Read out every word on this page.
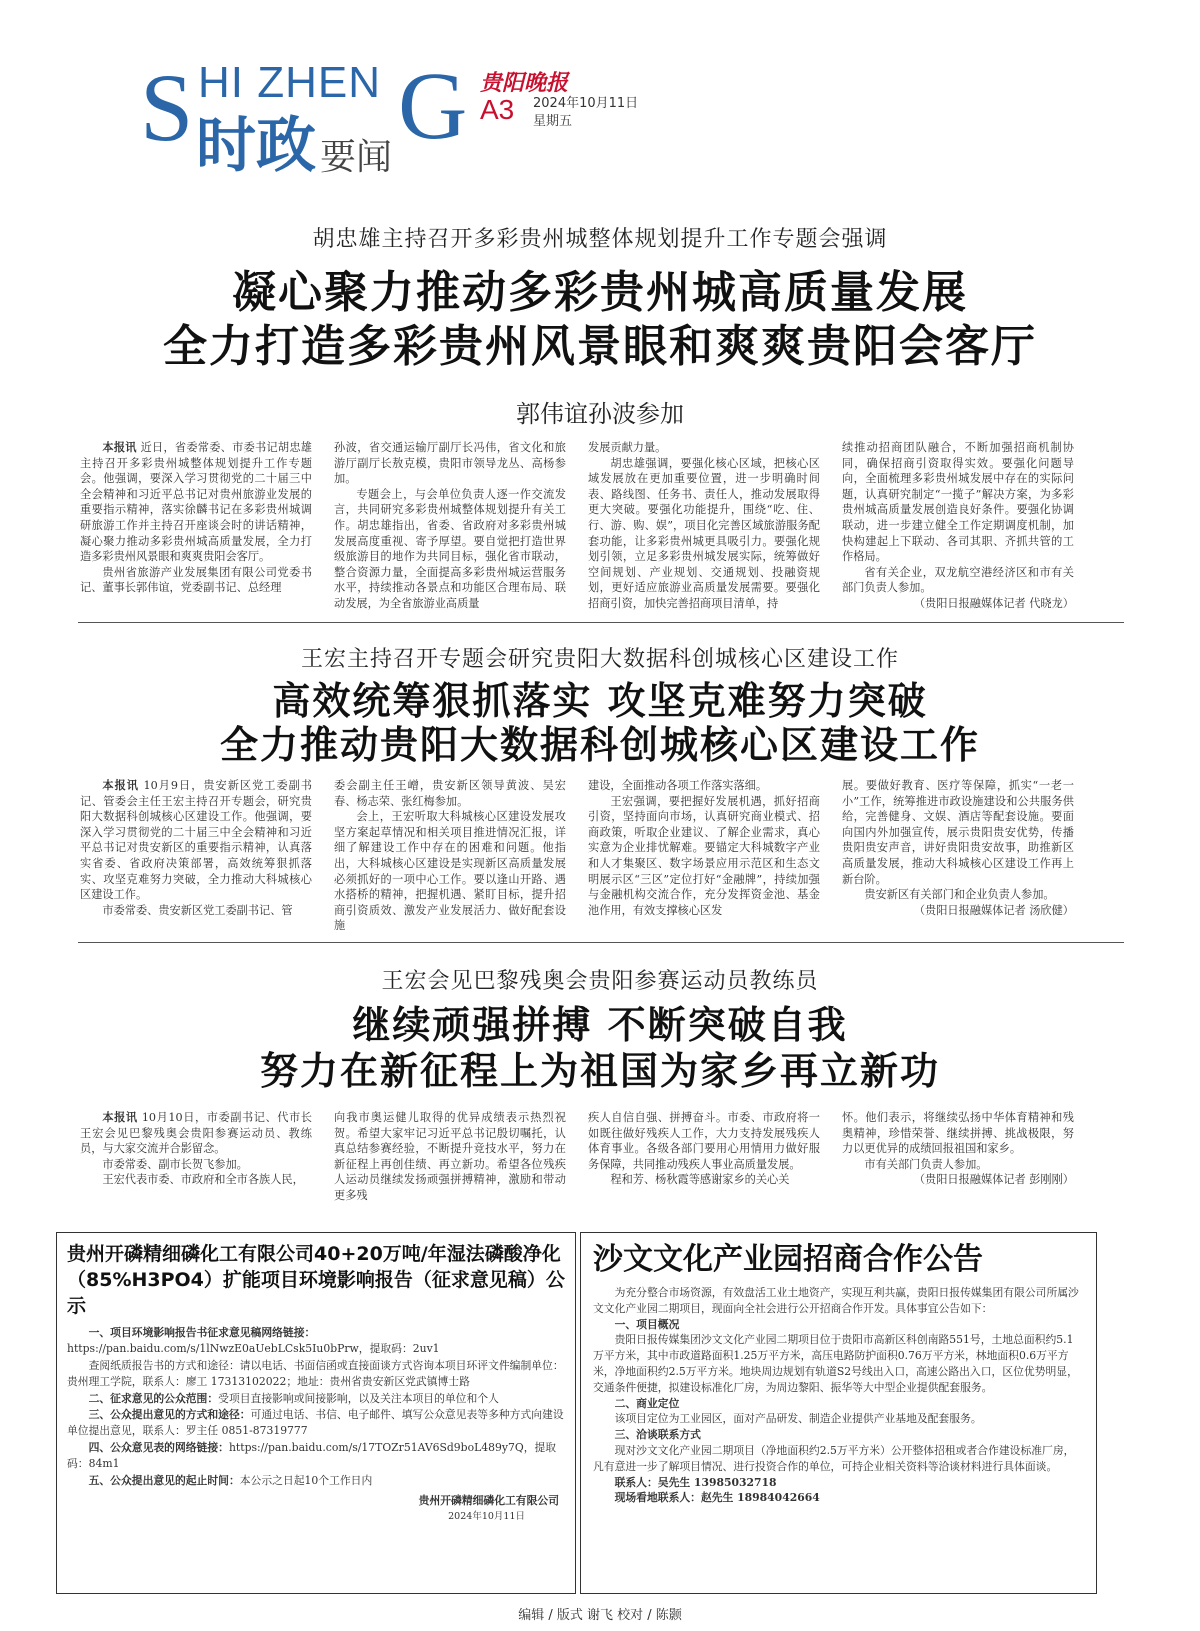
S HI ZHEN G
时政 要闻
贵阳晚报
A3 2024年10月11日
星期五
胡忠雄主持召开多彩贵州城整体规划提升工作专题会强调
凝心聚力推动多彩贵州城高质量发展
全力打造多彩贵州风景眼和爽爽贵阳会客厅
郭伟谊孙波参加

本报讯 近日，省委常委、市委书记胡忠雄主持召开多彩贵州城整体规划提升工作专题会。他强调，要深入学习贯彻党的二十届三中全会精神和习近平总书记对贵州旅游业发展的重要指示精神，落实徐麟书记在多彩贵州城调研旅游工作并主持召开座谈会时的讲话精神，凝心聚力推动多彩贵州城高质量发展，全力打造多彩贵州风景眼和爽爽贵阳会客厅。

贵州省旅游产业发展集团有限公司党委书记、董事长郭伟谊，党委副书记、总经理

孙波，省交通运输厅副厅长冯伟，省文化和旅游厅副厅长敖克模，贵阳市领导龙丛、高杨参加。

专题会上，与会单位负责人逐一作交流发言，共同研究多彩贵州城整体规划提升有关工作。胡忠雄指出，省委、省政府对多彩贵州城发展高度重视、寄予厚望。要自觉把打造世界级旅游目的地作为共同目标，强化省市联动，整合资源力量，全面提高多彩贵州城运营服务水平，持续推动各景点和功能区合理布局、联动发展，为全省旅游业高质量

发展贡献力量。

胡忠雄强调，要强化核心区域，把核心区域发展放在更加重要位置，进一步明确时间表、路线图、任务书、责任人，推动发展取得更大突破。要强化功能提升，围绕“吃、住、行、游、购、娱”，项目化完善区域旅游服务配套功能，让多彩贵州城更具吸引力。要强化规划引领，立足多彩贵州城发展实际，统筹做好空间规划、产业规划、交通规划、投融资规划，更好适应旅游业高质量发展需要。要强化招商引资，加快完善招商项目清单，持

续推动招商团队融合，不断加强招商机制协同，确保招商引资取得实效。要强化问题导向，全面梳理多彩贵州城发展中存在的实际问题，认真研究制定“一揽子”解决方案，为多彩贵州城高质量发展创造良好条件。要强化协调联动，进一步建立健全工作定期调度机制，加快构建起上下联动、各司其职、齐抓共管的工作格局。

省有关企业，双龙航空港经济区和市有关部门负责人参加。

（贵阳日报融媒体记者 代晓龙）

王宏主持召开专题会研究贵阳大数据科创城核心区建设工作
高效统筹狠抓落实 攻坚克难努力突破
全力推动贵阳大数据科创城核心区建设工作

本报讯 10月9日，贵安新区党工委副书记、管委会主任王宏主持召开专题会，研究贵阳大数据科创城核心区建设工作。他强调，要深入学习贯彻党的二十届三中全会精神和习近平总书记对贵安新区的重要指示精神，认真落实省委、省政府决策部署，高效统筹狠抓落实、攻坚克难努力突破，全力推动大科城核心区建设工作。

市委常委、贵安新区党工委副书记、管

委会副主任王嶒，贵安新区领导黄波、吴宏春、杨志荣、张红梅参加。

会上，王宏听取大科城核心区建设发展攻坚方案起草情况和相关项目推进情况汇报，详细了解建设工作中存在的困难和问题。他指出，大科城核心区建设是实现新区高质量发展必须抓好的一项中心工作。要以逢山开路、遇水搭桥的精神，把握机遇、紧盯目标，提升招商引资质效、激发产业发展活力、做好配套设施

建设，全面推动各项工作落实落细。

王宏强调，要把握好发展机遇，抓好招商引资，坚持面向市场，认真研究商业模式、招商政策，听取企业建议、了解企业需求，真心实意为企业排忧解难。要锚定大科城数字产业和人才集聚区、数字场景应用示范区和生态文明展示区“三区”定位打好“金融牌”，持续加强与金融机构交流合作，充分发挥资金池、基金池作用，有效支撑核心区发

展。要做好教育、医疗等保障，抓实“一老一小”工作，统筹推进市政设施建设和公共服务供给，完善健身、文娱、酒店等配套设施。要面向国内外加强宣传，展示贵阳贵安优势，传播贵阳贵安声音，讲好贵阳贵安故事，助推新区高质量发展，推动大科城核心区建设工作再上新台阶。

贵安新区有关部门和企业负责人参加。

（贵阳日报融媒体记者 汤欣健）

王宏会见巴黎残奥会贵阳参赛运动员教练员
继续顽强拼搏 不断突破自我
努力在新征程上为祖国为家乡再立新功

本报讯 10月10日，市委副书记、代市长王宏会见巴黎残奥会贵阳参赛运动员、教练员，与大家交流并合影留念。

市委常委、副市长贺飞参加。

王宏代表市委、市政府和全市各族人民，

向我市奥运健儿取得的优异成绩表示热烈祝贺。希望大家牢记习近平总书记殷切嘱托，认真总结参赛经验，不断提升竞技水平，努力在新征程上再创佳绩、再立新功。希望各位残疾人运动员继续发扬顽强拼搏精神，激励和带动更多残

疾人自信自强、拼搏奋斗。市委、市政府将一如既往做好残疾人工作，大力支持发展残疾人体育事业。各级各部门要用心用情用力做好服务保障，共同推动残疾人事业高质量发展。

程和芳、杨秋霞等感谢家乡的关心关

怀。他们表示，将继续弘扬中华体育精神和残奥精神，珍惜荣誉、继续拼搏、挑战极限，努力以更优异的成绩回报祖国和家乡。

市有关部门负责人参加。

（贵阳日报融媒体记者 彭刚刚）

贵州开磷精细磷化工有限公司40+20万吨/年湿法磷酸净化（85%H3PO4）扩能项目环境影响报告（征求意见稿）公示

一、项目环境影响报告书征求意见稿网络链接：https://pan.baidu.com/s/1lNwzE0aUebLCsk5Iu0bPrw，提取码：2uv1

查阅纸质报告书的方式和途径：请以电话、书面信函或直接面谈方式咨询本项目环评文件编制单位：贵州理工学院，联系人：廖工 17313102022；地址：贵州省贵安新区党武镇博士路

二、征求意见的公众范围：受项目直接影响或间接影响，以及关注本项目的单位和个人

三、公众提出意见的方式和途径：可通过电话、书信、电子邮件、填写公众意见表等多种方式向建设单位提出意见，联系人：罗主任 0851-87319777

四、公众意见表的网络链接：https://pan.baidu.com/s/17TOZr51AV6Sd9boL489y7Q，提取码：84m1

五、公众提出意见的起止时间：本公示之日起10个工作日内

贵州开磷精细磷化工有限公司
2024年10月11日
沙文文化产业园招商合作公告

为充分整合市场资源，有效盘活工业土地资产，实现互利共赢，贵阳日报传媒集团有限公司所属沙文文化产业园二期项目，现面向全社会进行公开招商合作开发。具体事宜公告如下：

一、项目概况

贵阳日报传媒集团沙文文化产业园二期项目位于贵阳市高新区科创南路551号，土地总面积约5.1万平方米，其中市政道路面积1.25万平方米，高压电路防护面积0.76万平方米，林地面积0.6万平方米，净地面积约2.5万平方米。地块周边规划有轨道S2号线出入口，高速公路出入口，区位优势明显，交通条件便捷，拟建设标准化厂房，为周边黎阳、振华等大中型企业提供配套服务。

二、商业定位

该项目定位为工业园区，面对产品研发、制造企业提供产业基地及配套服务。

三、洽谈联系方式

现对沙文文化产业园二期项目（净地面积约2.5万平方米）公开整体招租或者合作建设标准厂房，凡有意进一步了解项目情况、进行投资合作的单位，可持企业相关资料等洽谈材料进行具体面谈。

联系人：吴先生 13985032718

现场看地联系人：赵先生 18984042664

编辑 / 版式 谢飞 校对 / 陈颢
